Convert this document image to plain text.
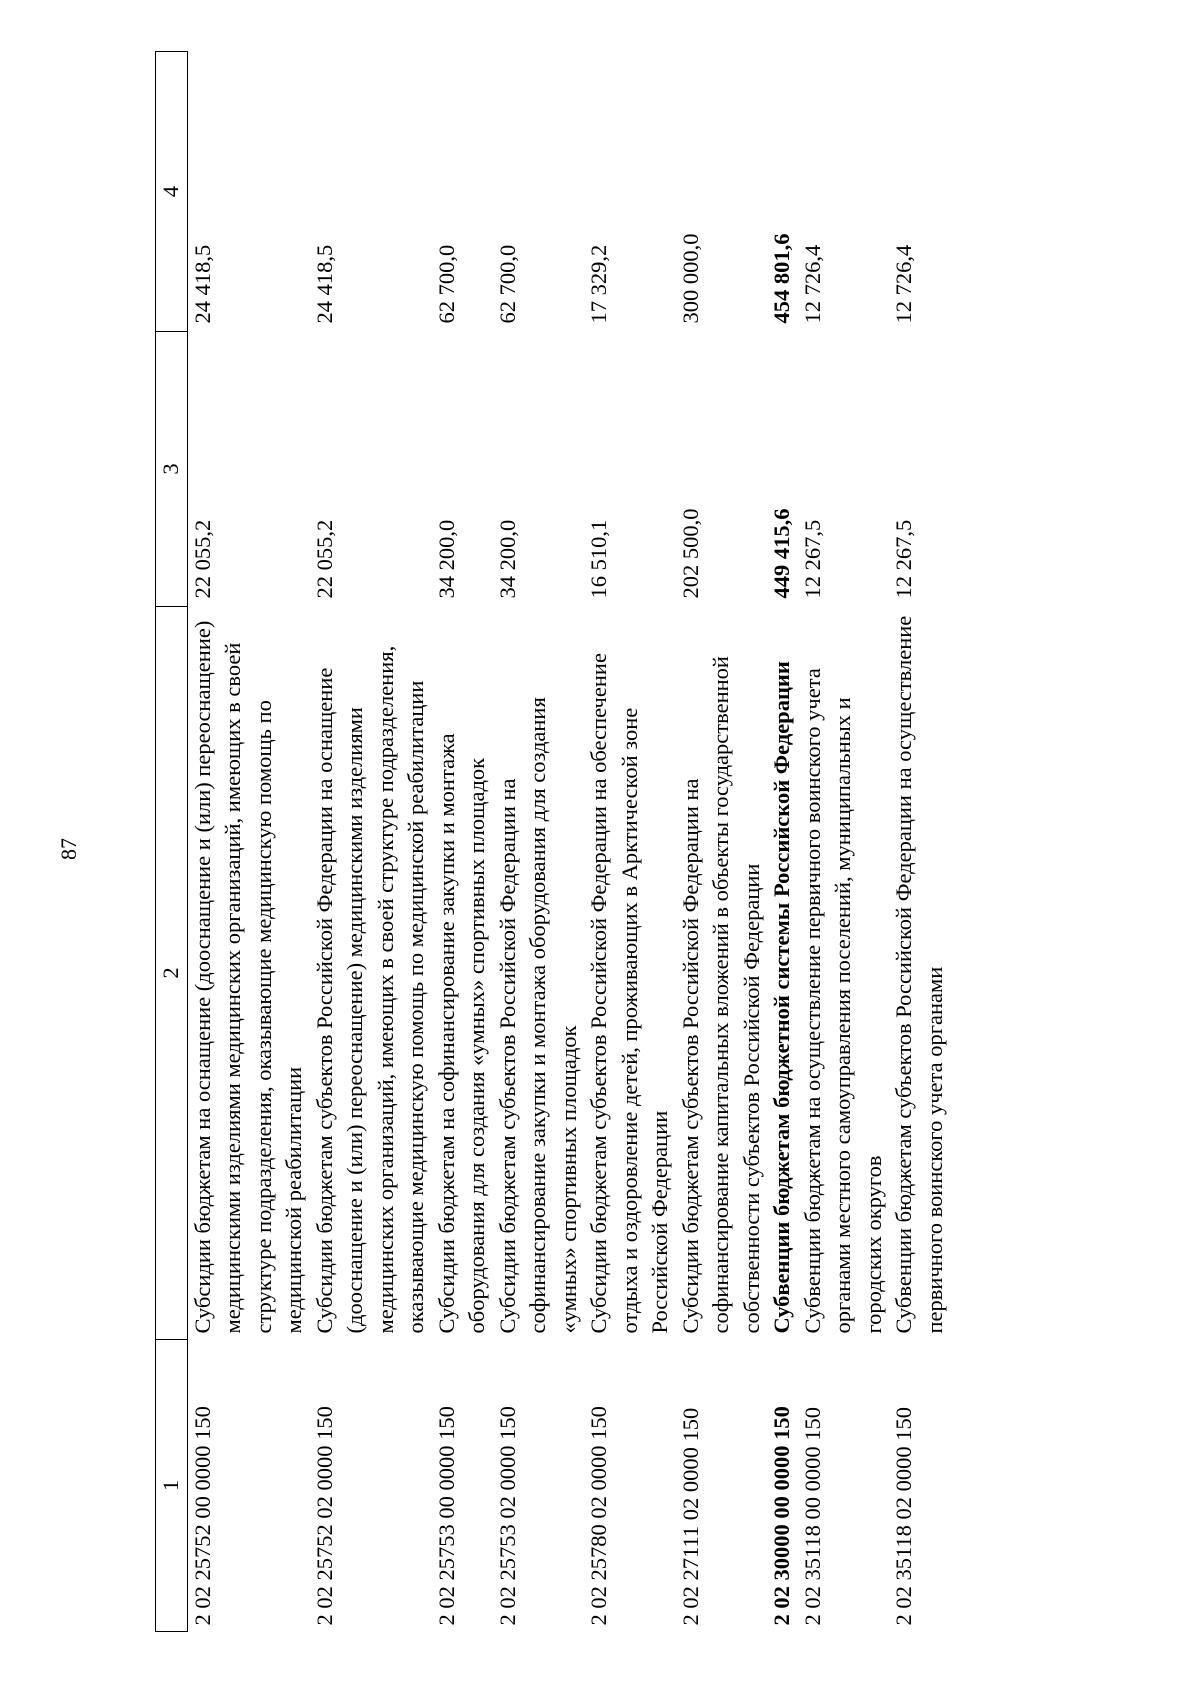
87
1	2	3	4
2 02 25752 00 0000 150	Субсидии бюджетам на оснащение (дооснащение и (или) переоснащение) медицинскими изделиями медицинских организаций, имеющих в своей структуре подразделения, оказывающие медицинскую помощь по медицинской реабилитации	22 055,2	24 418,5
2 02 25752 02 0000 150	Субсидии бюджетам субъектов Российской Федерации на оснащение (дооснащение и (или) переоснащение) медицинскими изделиями медицинских организаций, имеющих в своей структуре подразделения, оказывающие медицинскую помощь по медицинской реабилитации	22 055,2	24 418,5
2 02 25753 00 0000 150	Субсидии бюджетам на софинансирование закупки и монтажа оборудования для создания «умных» спортивных площадок	34 200,0	62 700,0
2 02 25753 02 0000 150	Субсидии бюджетам субъектов Российской Федерации на софинансирование закупки и монтажа оборудования для создания «умных» спортивных площадок	34 200,0	62 700,0
2 02 25780 02 0000 150	Субсидии бюджетам субъектов Российской Федерации на обеспечение отдыха и оздоровление детей, проживающих в Арктической зоне Российской Федерации	16 510,1	17 329,2
2 02 27111 02 0000 150	Субсидии бюджетам субъектов Российской Федерации на софинансирование капитальных вложений в объекты государственной собственности субъектов Российской Федерации	202 500,0	300 000,0
2 02 30000 00 0000 150	Субвенции бюджетам бюджетной системы Российской Федерации	449 415,6	454 801,6
2 02 35118 00 0000 150	Субвенции бюджетам на осуществление первичного воинского учета органами местного самоуправления поселений, муниципальных и городских округов	12 267,5	12 726,4
2 02 35118 02 0000 150	Субвенции бюджетам субъектов Российской Федерации на осуществление первичного воинского учета органами	12 267,5	12 726,4
